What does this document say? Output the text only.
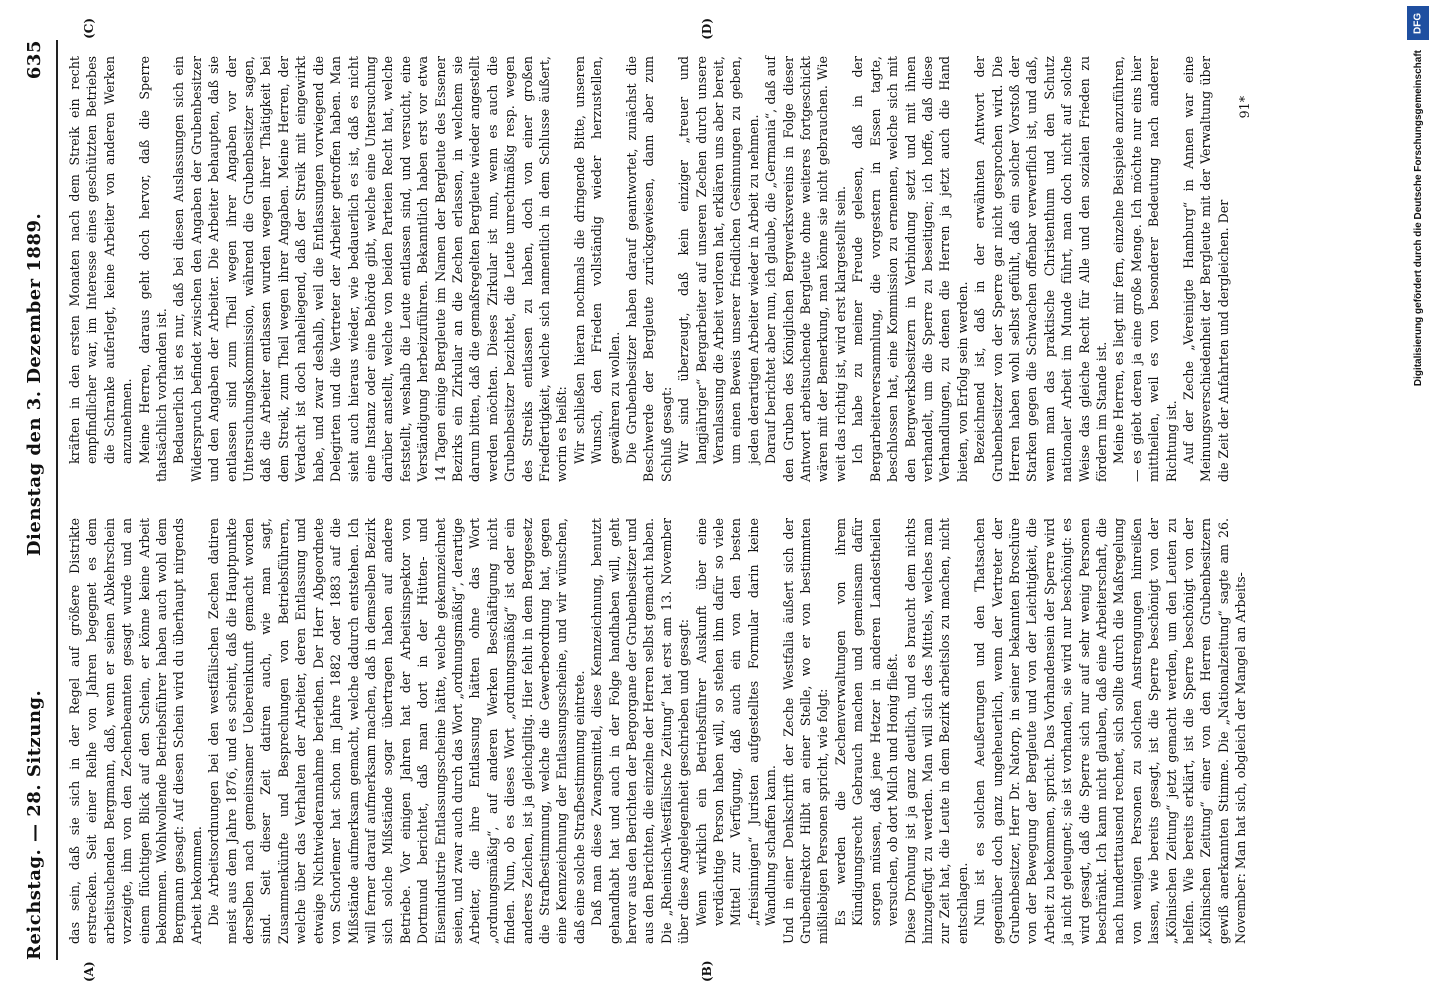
Reichstag. — 28. Sitzung.
Dienstag den 3. Dezember 1889.
635
(A)	(B)
(C)	(D)

das sein, daß sie sich in der Regel auf größere Distrikte erstrecken. Seit einer Reihe von Jahren begegnet es dem arbeitsuchenden Bergmann, daß, wenn er seinen Abkehrschein vorzeigte, ihm von den Zechenbeamten gesagt wurde und an einem flüchtigen Blick auf den Schein, er könne keine Arbeit bekommen. Wohlwollende Betriebsführer haben auch wohl dem Bergmann gesagt: Auf diesen Schein wird du überhaupt nirgends Arbeit bekommen. Die Arbeitsordnungen bei den westfälischen Zechen datiren meist aus dem Jahre 1876, und es scheint, daß die Hauptpunkte derselben nach gemeinsamer Uebereinkunft gemacht worden sind. Seit dieser Zeit datiren auch, wie man sagt, Zusammenkünfte und Besprechungen von Betriebsführern, welche über das Verhalten der Arbeiter, deren Entlassung und etwaige Nichtwiederannahme beriethen. Der Herr Abgeordnete von Schorlemer hat schon im Jahre 1882 oder 1883 auf die Mißstände aufmerksam gemacht, welche dadurch entstehen. Ich will ferner darauf aufmerksam machen, daß in demselben Bezirk sich solche Mißstände sogar übertragen haben auf andere Betriebe. Vor einigen Jahren hat der Arbeitsinspektor von Dortmund berichtet, daß man dort in der Hütten- und Eisenindustrie Entlassungsscheine hätte, welche gekennzeichnet seien, und zwar auch durch das Wort „ordnungsmäßig“, derartige Arbeiter, die ihre Entlassung hätten ohne das Wort „ordnungsmäßig“, auf anderen Werken Beschäftigung nicht finden. Nun, ob es dieses Wort „ordnungsmäßig“ ist oder ein anderes Zeichen, ist ja gleichgiltig. Hier fehlt in dem Berggesetz die Strafbestimmung, welche die Gewerbeordnung hat, gegen eine Kennzeichnung der Entlassungsscheine, und wir wünschen, daß eine solche Strafbestimmung eintrete. Daß man diese Zwangsmittel, diese Kennzeichnung, benutzt gehandhabt hat und auch in der Folge handhaben will, geht hervor aus den Berichten der Bergorgane der Grubenbesitzer und aus den Berichten, die einzelne der Herren selbst gemacht haben. Die „Rheinisch-Westfälische Zeitung“ hat erst am 13. November über diese Angelegenheit geschrieben und gesagt: Wenn wirklich ein Betriebsführer Auskunft über eine verdächtige Person haben will, so stehen ihm dafür so viele Mittel zur Verfügung, daß auch ein von den besten „freisinnigen“ Juristen aufgestelltes Formular darin keine Wandlung schaffen kann. Und in einer Denkschrift der Zeche Westfalia äußert sich der Grubendirektor Hilbt an einer Stelle, wo er von bestimmten mißliebigen Personen spricht, wie folgt: Es werden die Zechenverwaltungen von ihrem Kündigungsrecht Gebrauch machen und gemeinsam dafür sorgen müssen, daß jene Hetzer in anderen Landestheilen versuchen, ob dort Milch und Honig fließt. Diese Drohung ist ja ganz deutlich, und es braucht dem nichts hinzugefügt zu werden. Man will sich des Mittels, welches man zur Zeit hat, die Leute in dem Bezirk arbeitslos zu machen, nicht entschlagen. Nun ist es solchen Aeußerungen und den Thatsachen gegenüber doch ganz ungeheuerlich, wenn der Vertreter der Grubenbesitzer, Herr Dr. Natorp, in seiner bekannten Broschüre von der Bewegung der Bergleute und von der Leichtigkeit, die Arbeit zu bekommen, spricht. Das Vorhandensein der Sperre wird ja nicht geleugnet; sie ist vorhanden, sie wird nur beschönigt: es wird gesagt, daß die Sperre sich nur auf sehr wenig Personen beschränkt. Ich kann nicht glauben, daß eine Arbeiterschaft, die nach hunderttausend rechnet, sich sollte durch die Maßregelung von wenigen Personen zu solchen Anstrengungen hinreißen lassen, wie bereits gesagt, ist die Sperre beschönigt von der „Kölnischen Zeitung“ jetzt gemacht werden, um den Leuten zu helfen. Wie bereits erklärt, ist die Sperre beschönigt von der „Kölnischen Zeitung“ einer von den Herren Grubenbesitzern gewiß anerkannten Stimme. Die „Nationalzeitung“ sagte am 26. November: Man hat sich, obgleich der Mangel an Arbeits-

kräften in den ersten Monaten nach dem Streik ein recht empfindlicher war, im Interesse eines geschützten Betriebes die Schranke auferlegt, keine Arbeiter von anderen Werken anzunehmen. Meine Herren, daraus geht doch hervor, daß die Sperre thatsächlich vorhanden ist. Bedauerlich ist es nur, daß bei diesen Auslassungen sich ein Widerspruch befindet zwischen den Angaben der Grubenbesitzer und den Angaben der Arbeiter. Die Arbeiter behaupten, daß sie entlassen sind zum Theil wegen ihrer Angaben vor der Untersuchungskommission, während die Grubenbesitzer sagen, daß die Arbeiter entlassen wurden wegen ihrer Thätigkeit bei dem Streik, zum Theil wegen ihrer Angaben. Meine Herren, der Verdacht ist doch naheliegend, daß der Streik mit eingewirkt habe, und zwar deshalb, weil die Entlassungen vorwiegend die Delegirten und die Vertreter der Arbeiter getroffen haben. Man sieht auch hieraus wieder, wie bedauerlich es ist, daß es nicht eine Instanz oder eine Behörde gibt, welche eine Untersuchung darüber anstellt, welche von beiden Parteien Recht hat, welche feststellt, weshalb die Leute entlassen sind, und versucht, eine Verständigung herbeizuführen. Bekanntlich haben erst vor etwa 14 Tagen einige Bergleute im Namen der Bergleute des Essener Bezirks ein Zirkular an die Zechen erlassen, in welchem sie darum bitten, daß die gemaßregelten Bergleute wieder angestellt werden möchten. Dieses Zirkular ist nun, wenn es auch die Grubenbesitzer bezichtet, die Leute unrechtmäßig resp. wegen des Streiks entlassen zu haben, doch von einer großen Friedfertigkeit, welche sich namentlich in dem Schlusse äußert, worin es heißt: Wir schließen hieran nochmals die dringende Bitte, unseren Wunsch, den Frieden vollständig wieder herzustellen, gewähren zu wollen. Die Grubenbesitzer haben darauf geantwortet, zunächst die Beschwerde der Bergleute zurückgewiesen, dann aber zum Schluß gesagt: Wir sind überzeugt, daß kein einziger „treuer und langjähriger“ Bergarbeiter auf unseren Zechen durch unsere Veranlassung die Arbeit verloren hat, erklären uns aber bereit, um einen Beweis unserer friedlichen Gesinnungen zu geben, jeden derartigen Arbeiter wieder in Arbeit zu nehmen. Darauf berichtet aber nun, ich glaube, die „Germania“, daß auf den Gruben des Königlichen Bergwerksvereins in Folge dieser Antwort arbeitsuchende Bergleute ohne weiteres fortgeschickt wären mit der Bemerkung, man könne sie nicht gebrauchen. Wie weit das richtig ist, wird erst klargestellt sein. Ich habe zu meiner Freude gelesen, daß in der Bergarbeiterversammlung, die vorgestern in Essen tagte, beschlossen hat, eine Kommission zu ernennen, welche sich mit den Bergwerksbesitzern in Verbindung setzt und mit ihnen verhandelt, um die Sperre zu beseitigen; ich hoffe, daß diese Verhandlungen, zu denen die Herren ja jetzt auch die Hand bieten, von Erfolg sein werden. Bezeichnend ist, daß in der erwähnten Antwort der Grubenbesitzer von der Sperre gar nicht gesprochen wird. Die Herren haben wohl selbst gefühlt, daß ein solcher Vorstoß der Starken gegen die Schwachen offenbar verwerflich ist, und daß, wenn man das praktische Christenthum und den Schutz nationaler Arbeit im Munde führt, man doch nicht auf solche Weise das gleiche Recht für Alle und den sozialen Frieden zu fördern im Stande ist. Meine Herren, es liegt mir fern, einzelne Beispiele anzuführen, — es giebt deren ja eine große Menge. Ich möchte nur eins hier mittheilen, weil es von besonderer Bedeutung nach anderer Richtung ist. Auf der Zeche „Vereinigte Hamburg“ in Annen war eine Meinungsverschiedenheit der Bergleute mit der Verwaltung über die Zeit der Anfahrten und dergleichen. Der

91*
DFG
Digitalisierung gefördert durch die Deutsche Forschungsgemeinschaft
